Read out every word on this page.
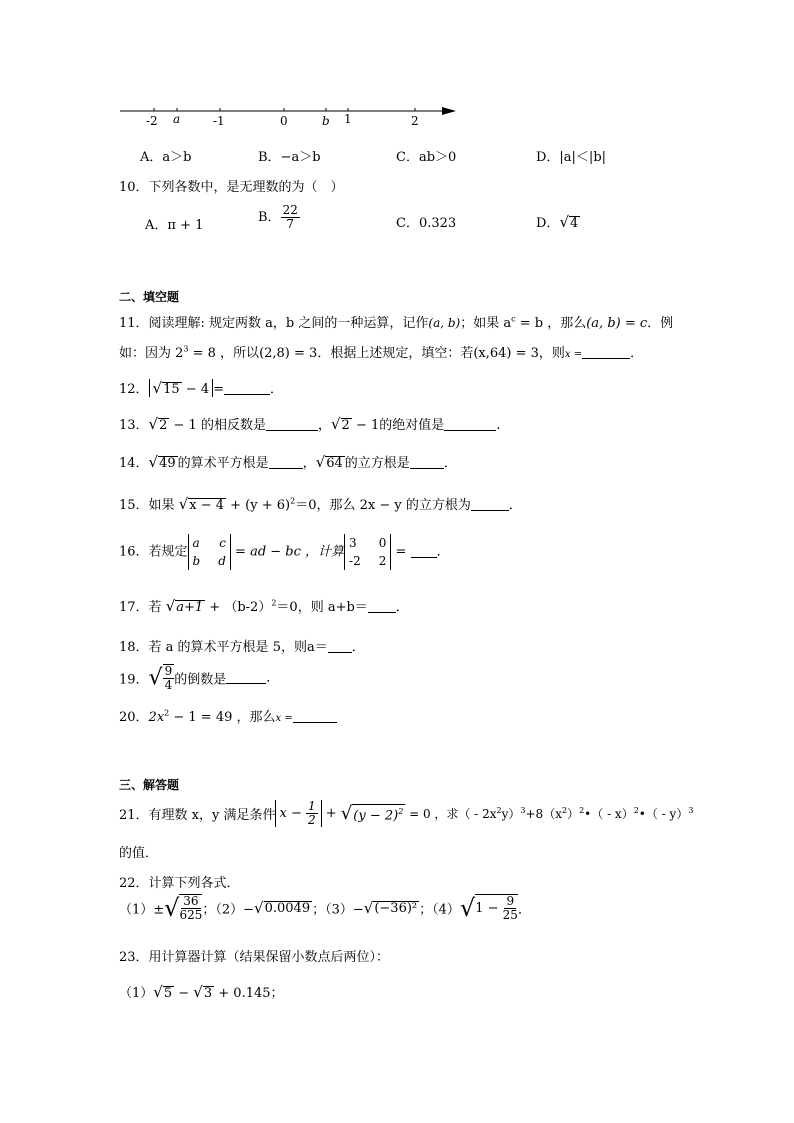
-2 a	-1	0	b 1	2
A．a＞b	B．−a＞b	C．ab＞0	D．|a|＜|b|
10．下列各数中，是无理数的为（　）
A．π + 1
B． $\frac{22}{7}$	C．0.323	D．√4
二、填空题
11．阅读理解: 规定两数 a，b 之间的一种运算，记作(a, b)；如果 $a^c = b$ ，那么(a, b) = c．例
如：因为 $2^3 = 8$ ，所以(2,8) = 3．根据上述规定，填空：若(x,64) = 3，则x =	．
12． √15 − 4 =	．
13．√2 − 1 的相反数是	，√2 − 1的绝对值是	.
14．√49 的算术平方根是	，√64 的立方根是	．
15．如果 $√x - 4 + (y + 6)^2=0$，那么 2x − y 的立方根为	．
16．若规定
a c
b d
= ad − bc ，计算
3 0
-2 2
= ．
17．若 $√a+1 + (b-2)^2=0$，则 a+b＝ ．
18．若 a 的算术平方根是 5，则a＝ ．
19．√ $\frac{9}{4}$ 的倒数是	．
20．$2x^2 - 1 = 49$ ，那么x =
三、解答题
21．有理数 x，y 满足条件 $x - \frac{1}{2} + √(y - 2)^2 = 0$ ，求（ - $2x^2y)^3+8(x^2)^2•$（ - x）$^2$•（ - y）$^3$
的值．
22．计算下列各式．
$(1)\pm√ \frac{36}{625}$ ；（2）−√0.0049 ；（3）−√(−36)² ；$(4)√1 - \frac{9}{25}$ ．
23．用计算器计算（结果保留小数点后两位）：
（1）√5 − √3 + 0.145；
